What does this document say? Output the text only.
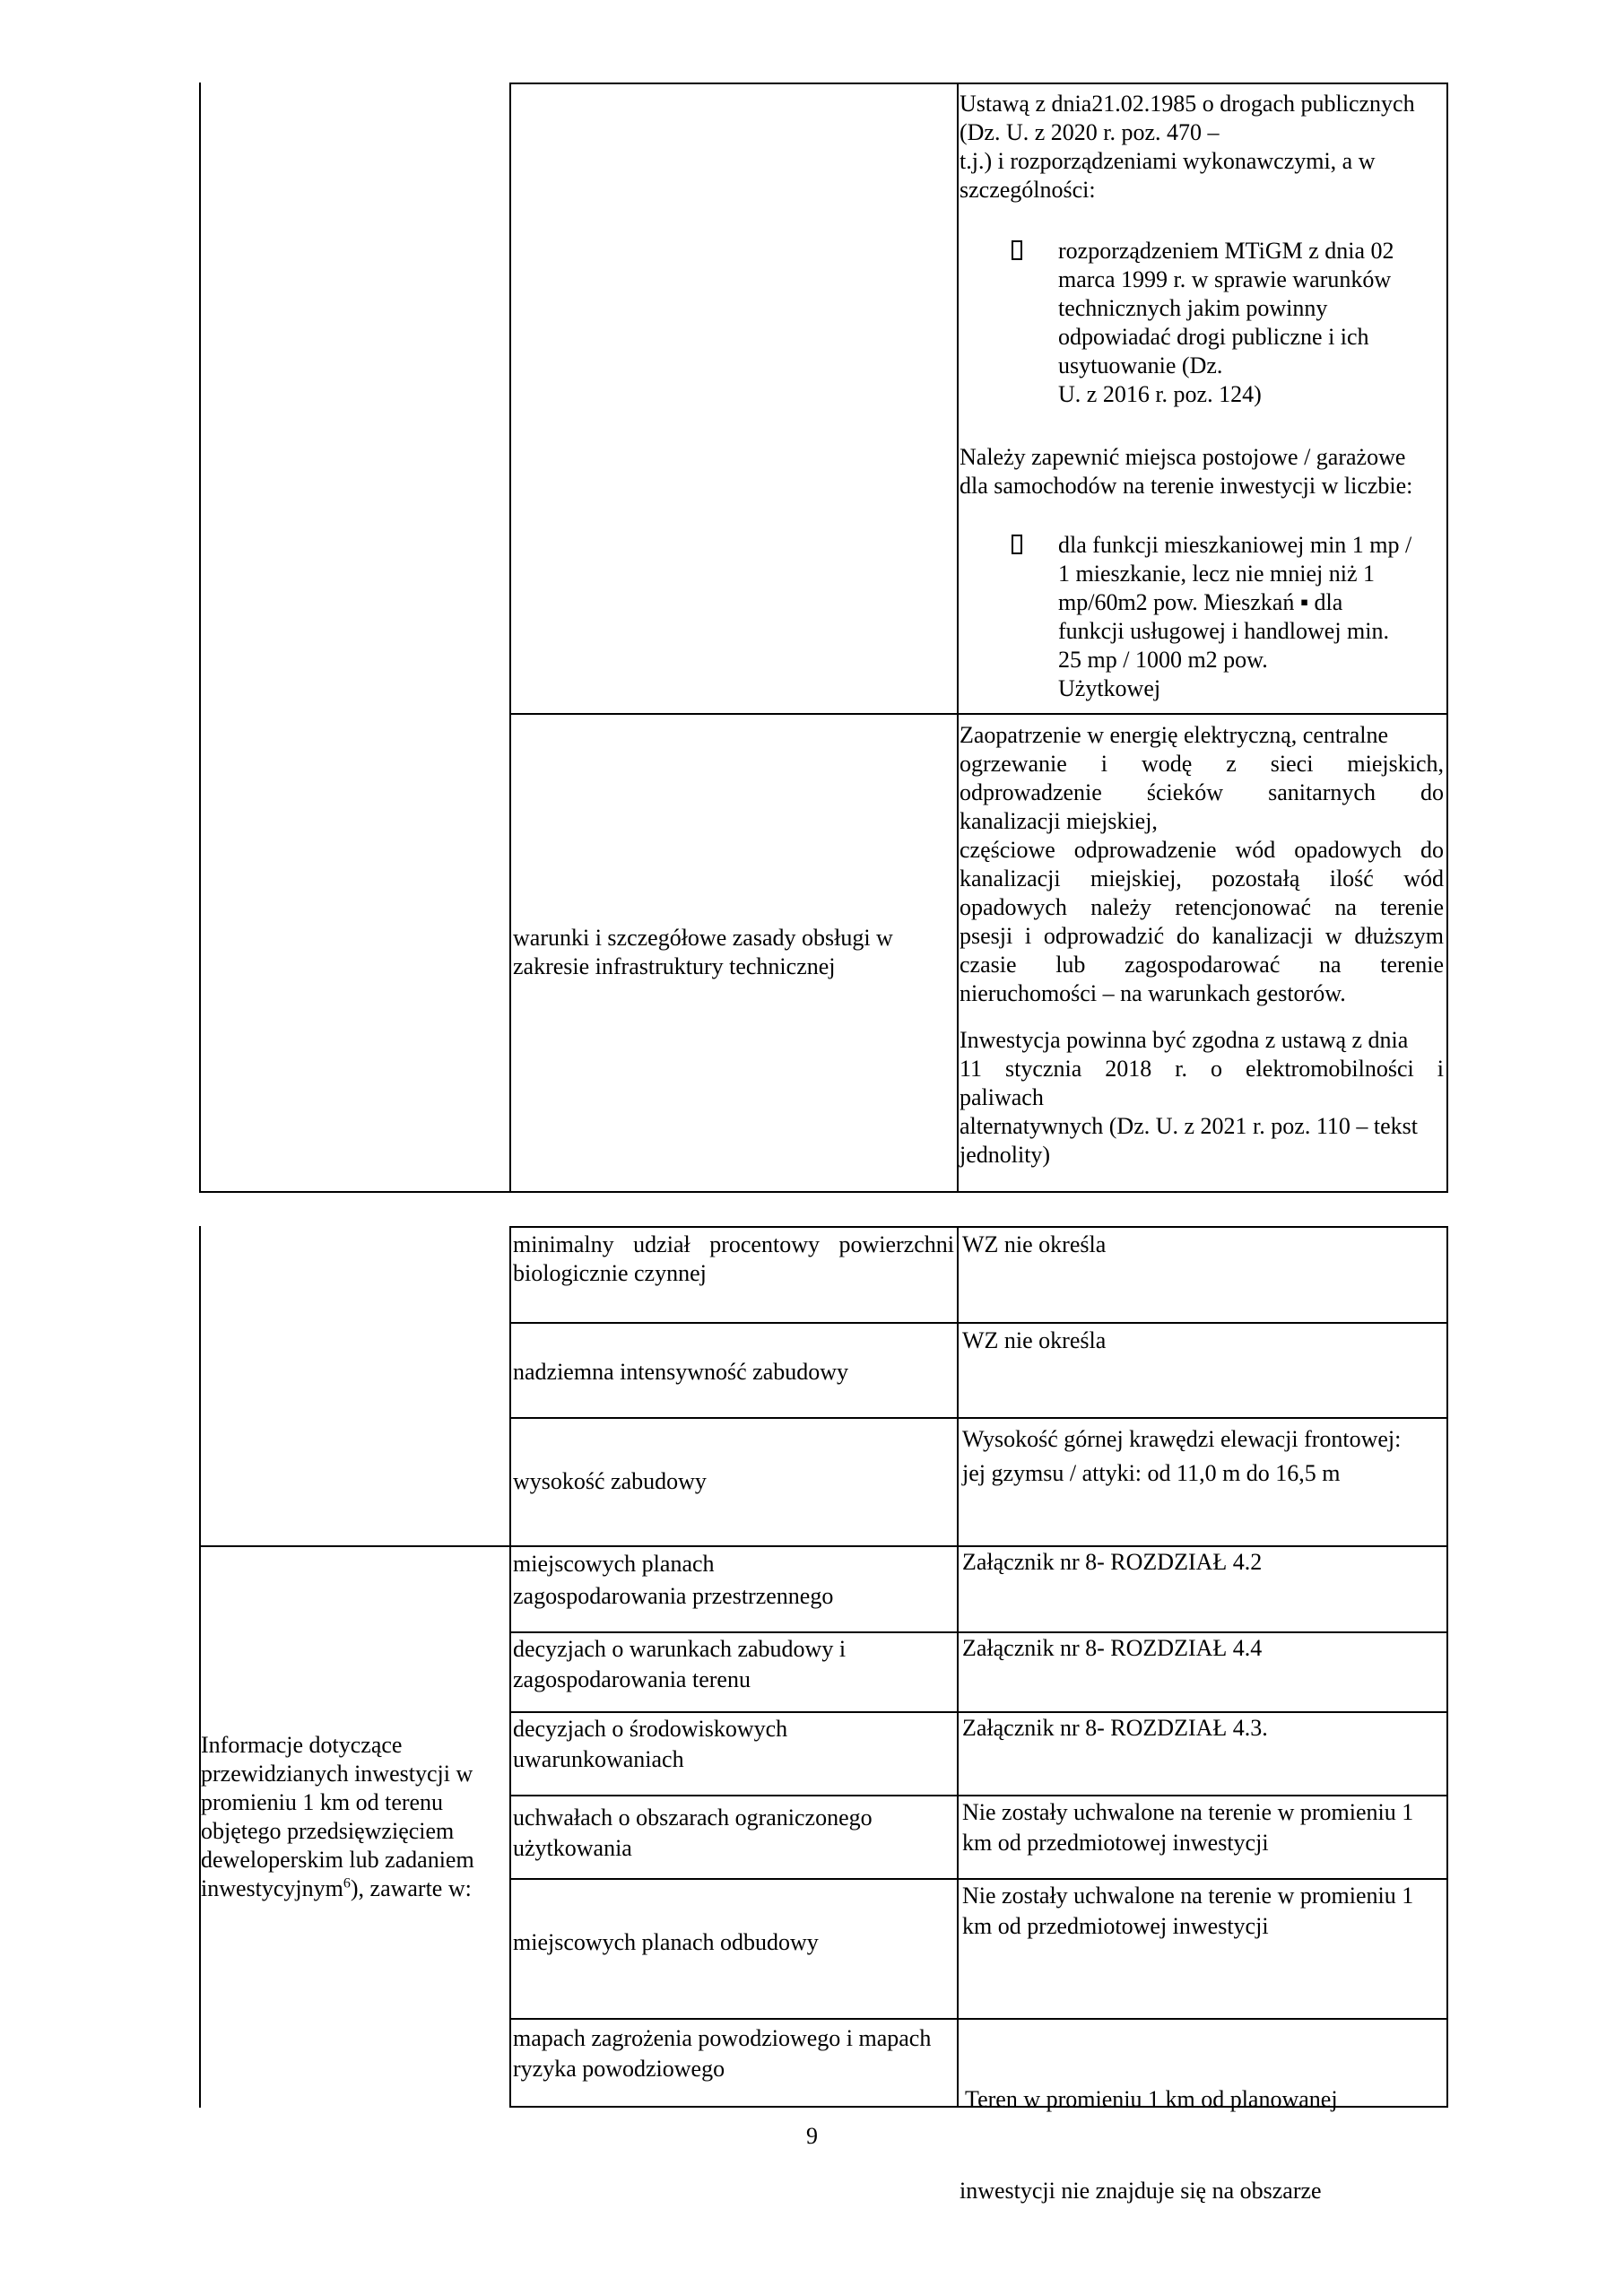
Ustawą z dnia21.02.1985 o drogach publicznych
(Dz. U. z 2020 r. poz. 470 –
t.j.) i rozporządzeniami wykonawczymi, a w
szczególności:
rozporządzeniem MTiGM z dnia 02
marca 1999 r. w sprawie warunków
technicznych jakim powinny
odpowiadać drogi publiczne i ich
usytuowanie (Dz.
U. z 2016 r. poz. 124)
Należy zapewnić miejsca postojowe / garażowe
dla samochodów na terenie inwestycji w liczbie:
dla funkcji mieszkaniowej min 1 mp /
1 mieszkanie, lecz nie mniej niż 1
mp/60m2 pow. Mieszkań ▪ dla
funkcji usługowej i handlowej min.
25 mp / 1000 m2 pow.
Użytkowej
warunki i szczegółowe zasady obsługi w
zakresie infrastruktury technicznej

Zaopatrzenie w energię elektryczną, centralne

ogrzewanie i wodę z sieci miejskich,

odprowadzenie ścieków sanitarnych do

kanalizacji miejskiej,

częściowe odprowadzenie wód opadowych do

kanalizacji miejskiej, pozostałą ilość wód

opadowych należy retencjonować na terenie

psesji i odprowadzić do kanalizacji w dłuższym

czasie lub zagospodarować na terenie

nieruchomości – na warunkach gestorów.

Inwestycja powinna być zgodna z ustawą z dnia

11 stycznia 2018 r. o elektromobilności i

paliwach

alternatywnych (Dz. U. z 2021 r. poz. 110 – tekst

jednolity)

minimalny udział procentowy powierzchni

biologicznie czynnej

WZ nie określa
nadziemna intensywność zabudowy
WZ nie określa
wysokość zabudowy
Wysokość górnej krawędzi elewacji frontowej:
jej gzymsu / attyki: od 11,0 m do 16,5 m
Informacje dotyczące
przewidzianych inwestycji w
promieniu 1 km od terenu
objętego przedsięwzięciem
deweloperskim lub zadaniem
inwestycyjnym$^6$), zawarte w:
miejscowych planach
zagospodarowania przestrzennego
Załącznik nr 8- ROZDZIAŁ 4.2
decyzjach o warunkach zabudowy i
zagospodarowania terenu
Załącznik nr 8- ROZDZIAŁ 4.4
decyzjach o środowiskowych
uwarunkowaniach
Załącznik nr 8- ROZDZIAŁ 4.3.
uchwałach o obszarach ograniczonego
użytkowania
Nie zostały uchwalone na terenie w promieniu 1
km od przedmiotowej inwestycji
miejscowych planach odbudowy
Nie zostały uchwalone na terenie w promieniu 1
km od przedmiotowej inwestycji
mapach zagrożenia powodziowego i mapach
ryzyka powodziowego

Teren w promieniu 1 km od planowanej

inwestycji nie znajduje się na obszarze

9
